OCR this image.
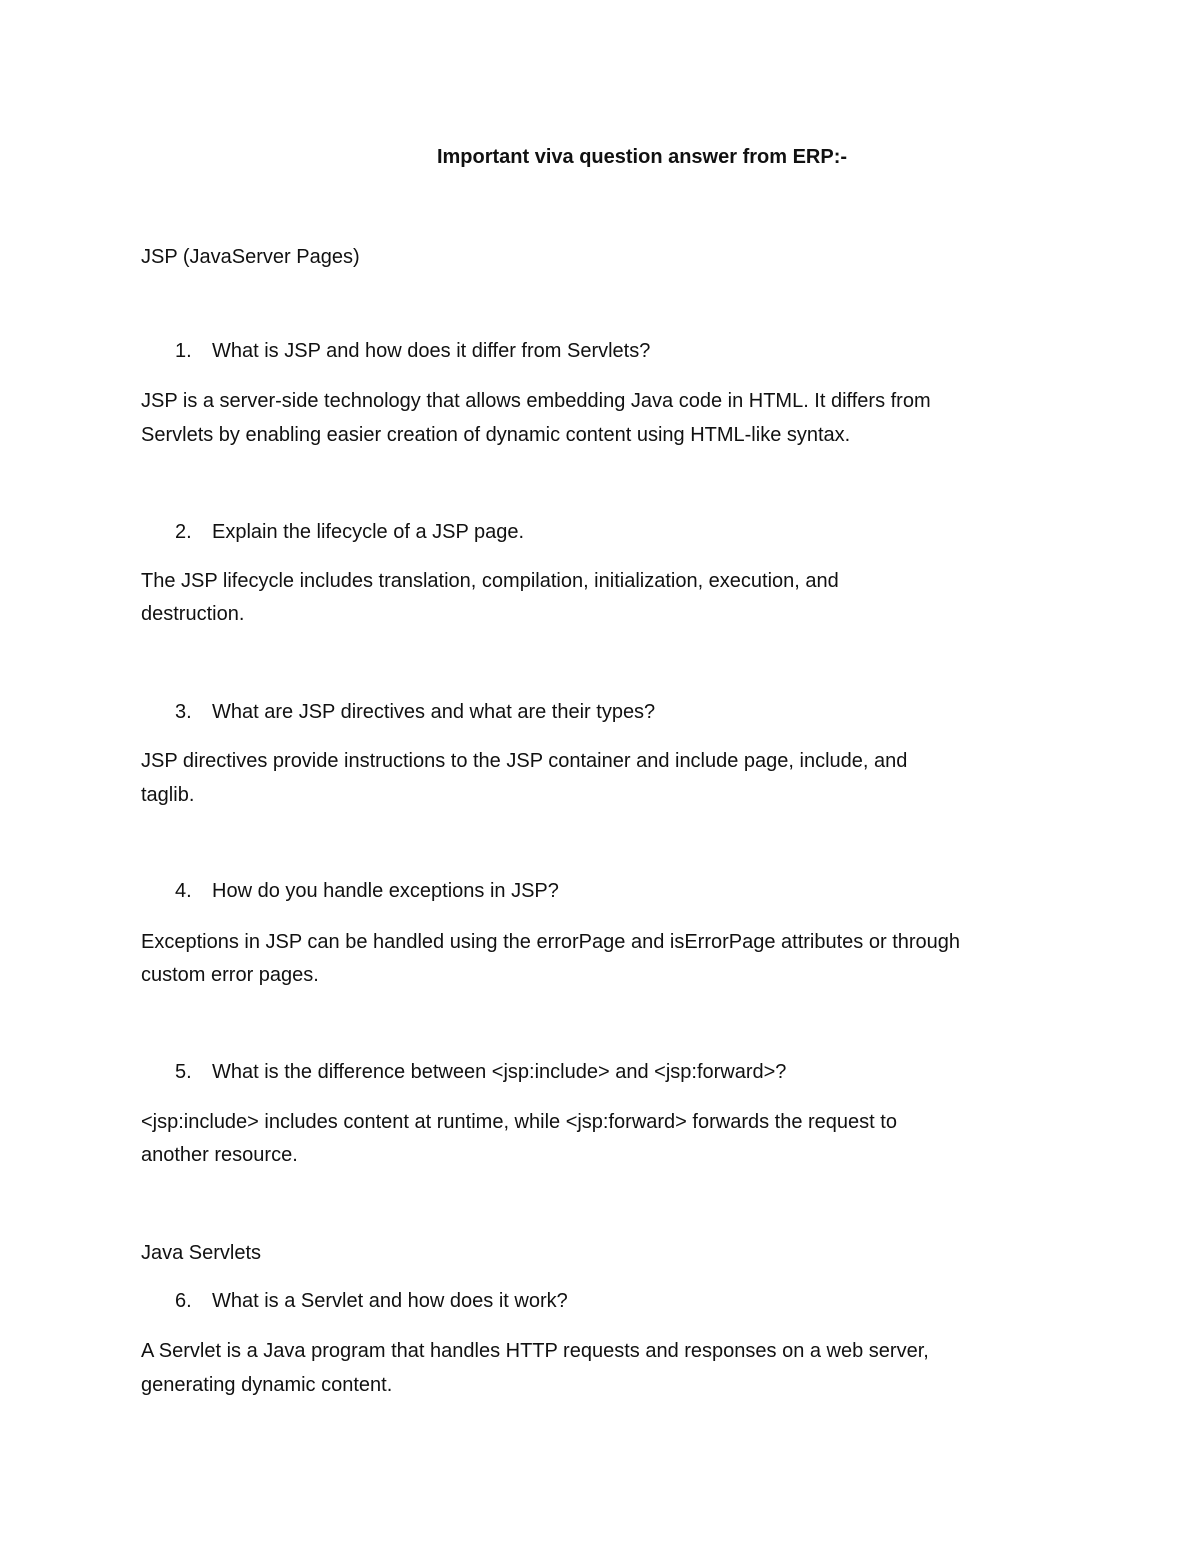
Important viva question answer from ERP:-
JSP (JavaServer Pages)
1. What is JSP and how does it differ from Servlets?
JSP is a server-side technology that allows embedding Java code in HTML. It differs from
Servlets by enabling easier creation of dynamic content using HTML-like syntax.
2. Explain the lifecycle of a JSP page.
The JSP lifecycle includes translation, compilation, initialization, execution, and
destruction.
3. What are JSP directives and what are their types?
JSP directives provide instructions to the JSP container and include page, include, and
taglib.
4. How do you handle exceptions in JSP?
Exceptions in JSP can be handled using the errorPage and isErrorPage attributes or through
custom error pages.
5. What is the difference between <jsp:include> and <jsp:forward>?
<jsp:include> includes content at runtime, while <jsp:forward> forwards the request to
another resource.
Java Servlets
6. What is a Servlet and how does it work?
A Servlet is a Java program that handles HTTP requests and responses on a web server,
generating dynamic content.
